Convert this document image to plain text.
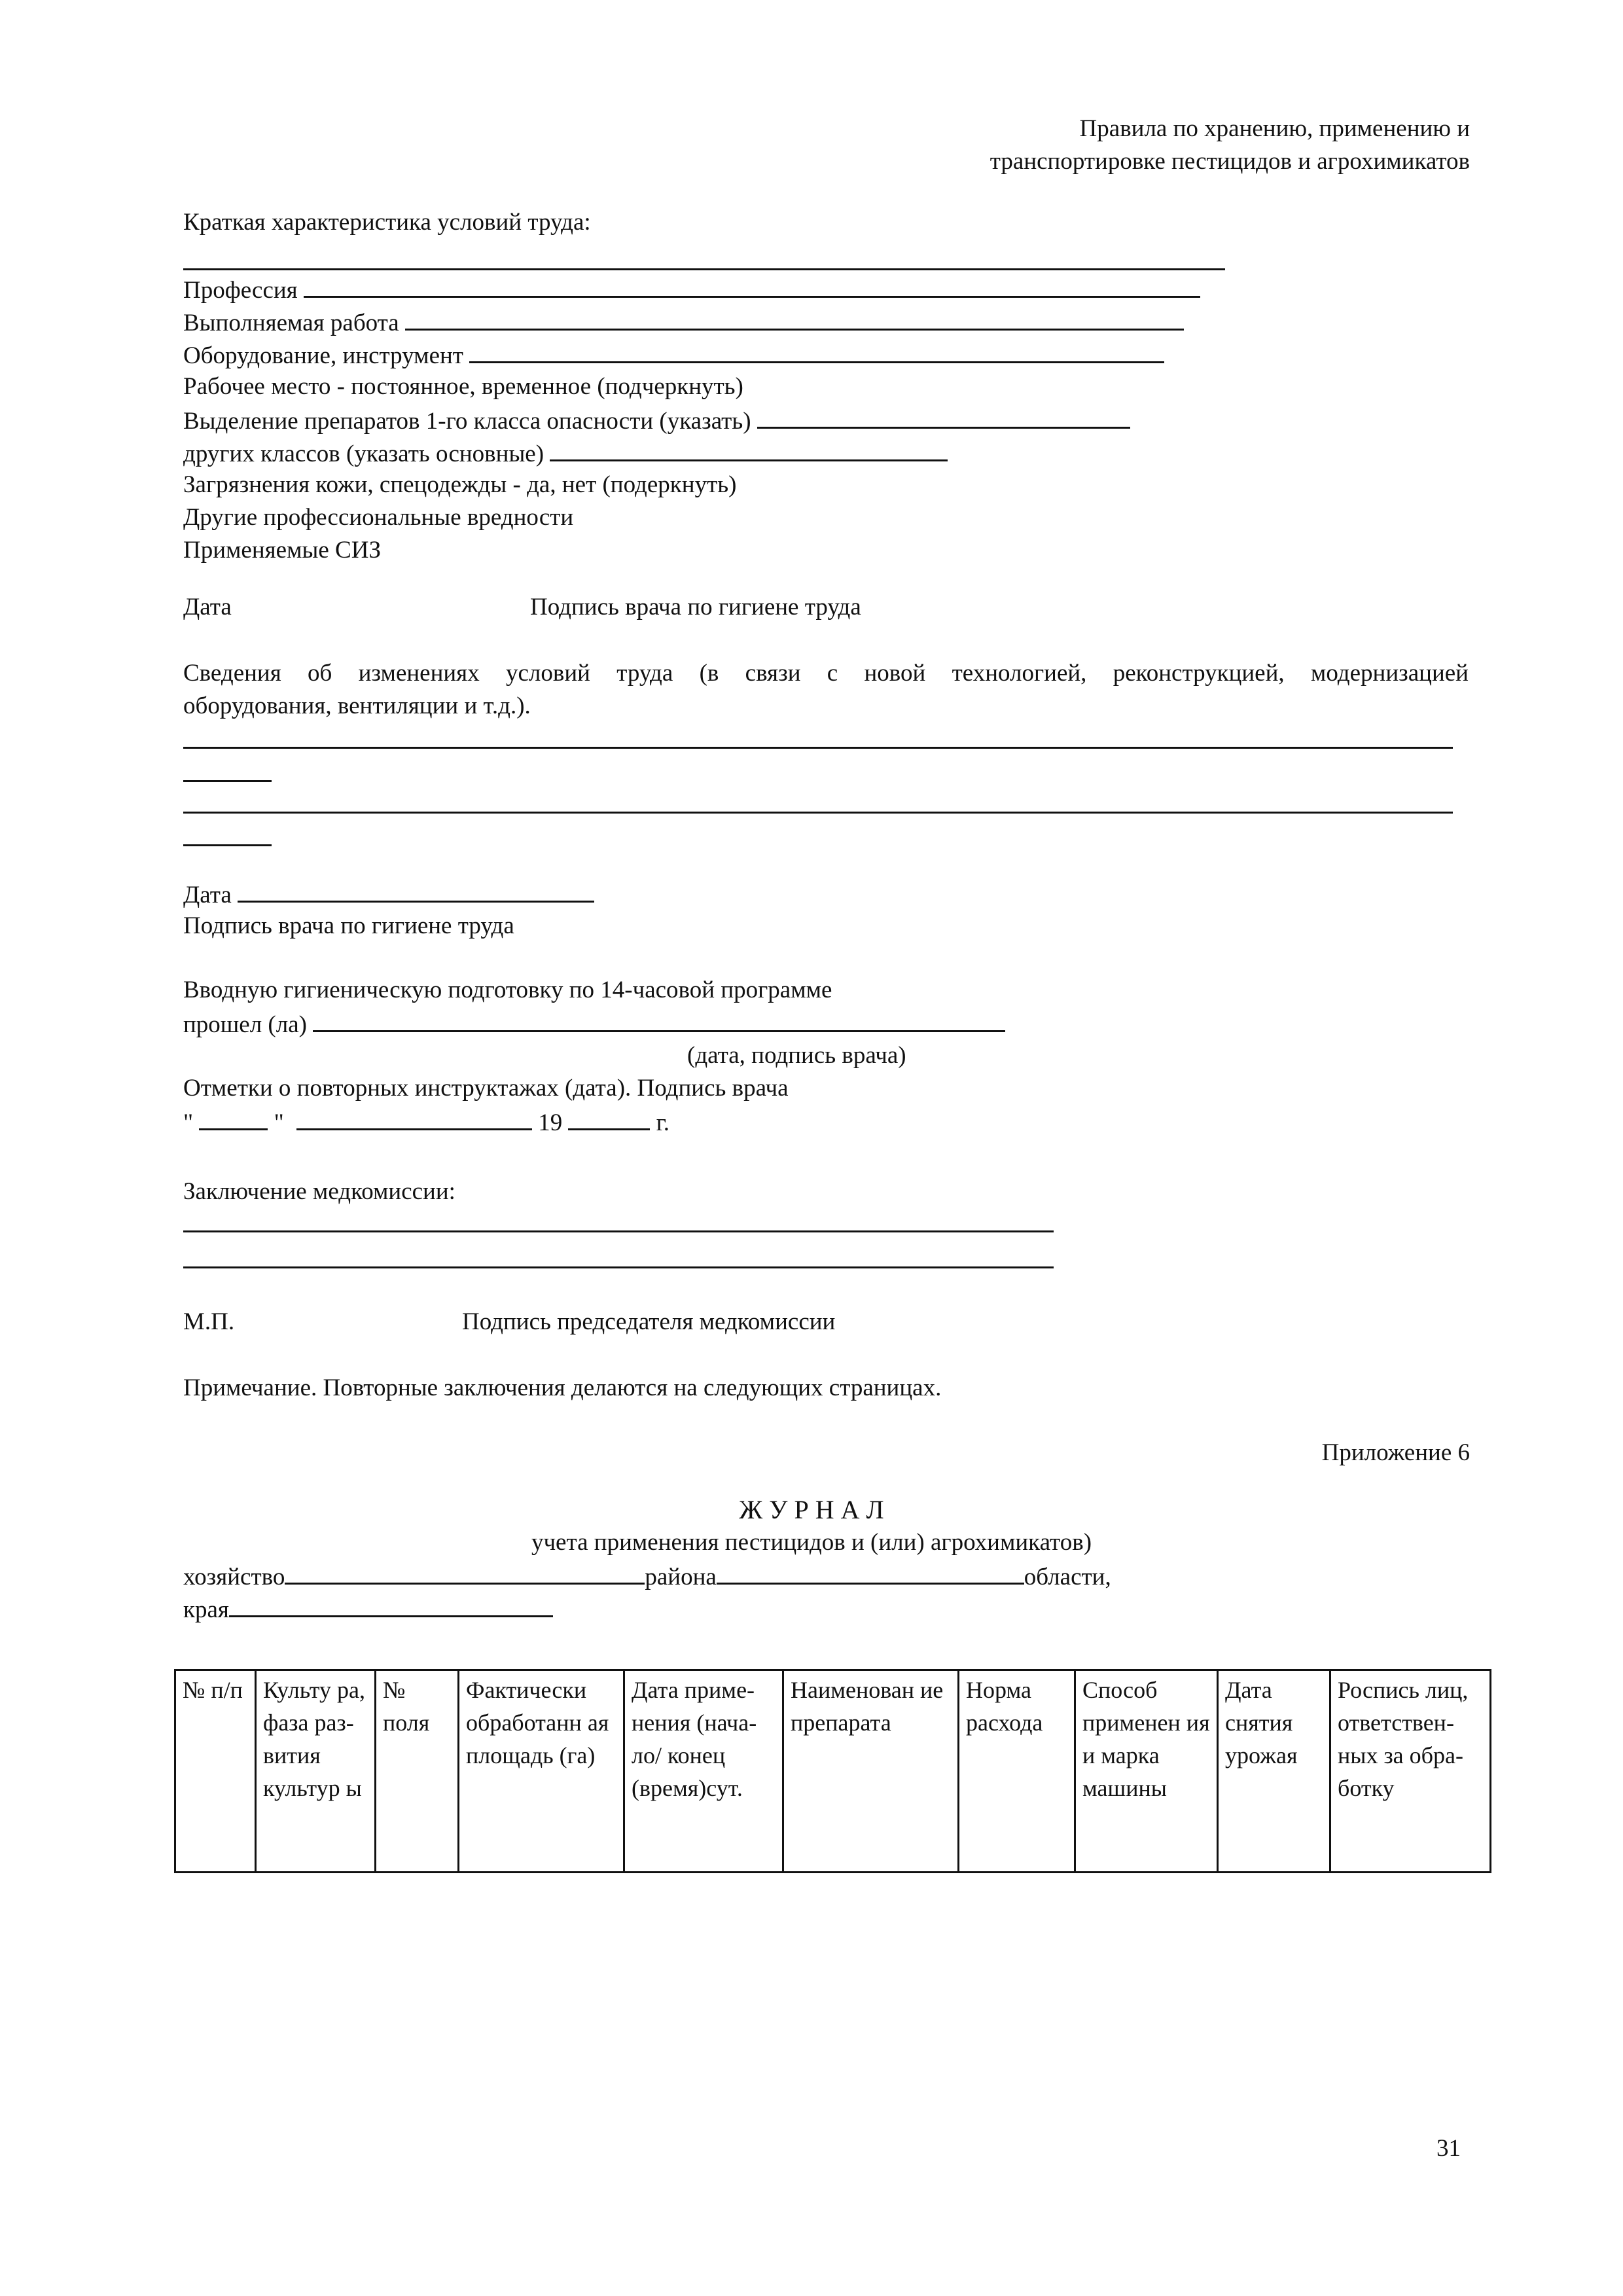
Правила по хранению, применению и
транспортировке пестицидов и агрохимикатов
Краткая характеристика условий труда:
Профессия
Выполняемая работа
Оборудование, инструмент
Рабочее место - постоянное, временное (подчеркнуть)
Выделение препаратов 1-го класса опасности (указать)
других классов (указать основные)
Загрязнения кожи, спецодежды - да, нет (подеркнуть)
Другие профессиональные вредности
Применяемые СИЗ
Дата	Подпись врача по гигиене труда
Сведения об изменениях условий труда (в связи с новой технологией, реконструкцией, модернизацией
оборудования, вентиляции и т.д.).
Дата
Подпись врача по гигиене труда
Вводную гигиеническую подготовку по 14-часовой программе
прошел (ла)
(дата, подпись врача)
Отметки о повторных инструктажах (дата). Подпись врача
"	"	19	г.
Заключение медкомиссии:
М.П.	Подпись председателя медкомиссии
Примечание. Повторные заключения делаются на следующих страницах.
Приложение 6
Ж У Р Н А Л
учета применения пестицидов и (или) агрохимикатов)
хозяйство	района	области,
края
№ п/п	Культу ра, фаза раз- вития культур ы	№ поля	Фактически обработанн ая площадь (га)	Дата приме- нения (нача-ло/ конец (время)сут.	Наименован ие препарата	Норма расхода	Способ применен ия и марка машины	Дата снятия урожая	Роспись лиц, ответствен- ных за обра-ботку
31
